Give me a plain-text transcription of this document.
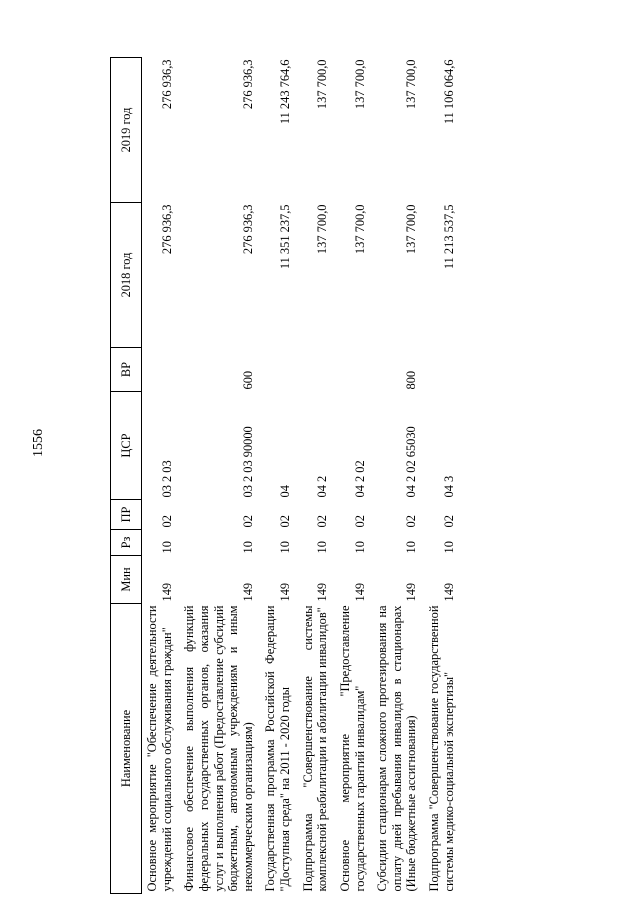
1556
Наименование	Мин	Рз	ПР	ЦСР	ВР	2018 год	2019 год
Основное мероприятие "Обеспечение деятельности учреждений социального обслуживания граждан"	149	10	02	03 2 03		276 936,3	276 936,3
Финансовое обеспечение выполнения функций федеральных государственных органов, оказания услуг и выполнения работ (Предоставление субсидий бюджетным, автономным учреждениям и иным некоммерческим организациям)	149	10	02	03 2 03 90000	600	276 936,3	276 936,3
Государственная программа Российской Федерации "Доступная среда" на 2011 - 2020 годы	149	10	02	04		11 351 237,5	11 243 764,6
Подпрограмма "Совершенствование системы комплексной реабилитации и абилитации инвалидов"	149	10	02	04 2		137 700,0	137 700,0
Основное мероприятие "Предоставление государственных гарантий инвалидам"	149	10	02	04 2 02		137 700,0	137 700,0
Субсидии стационарам сложного протезирования на оплату дней пребывания инвалидов в стационарах (Иные бюджетные ассигнования)	149	10	02	04 2 02 65030	800	137 700,0	137 700,0
Подпрограмма "Совершенствование государственной системы медико-социальной экспертизы"	149	10	02	04 3		11 213 537,5	11 106 064,6
